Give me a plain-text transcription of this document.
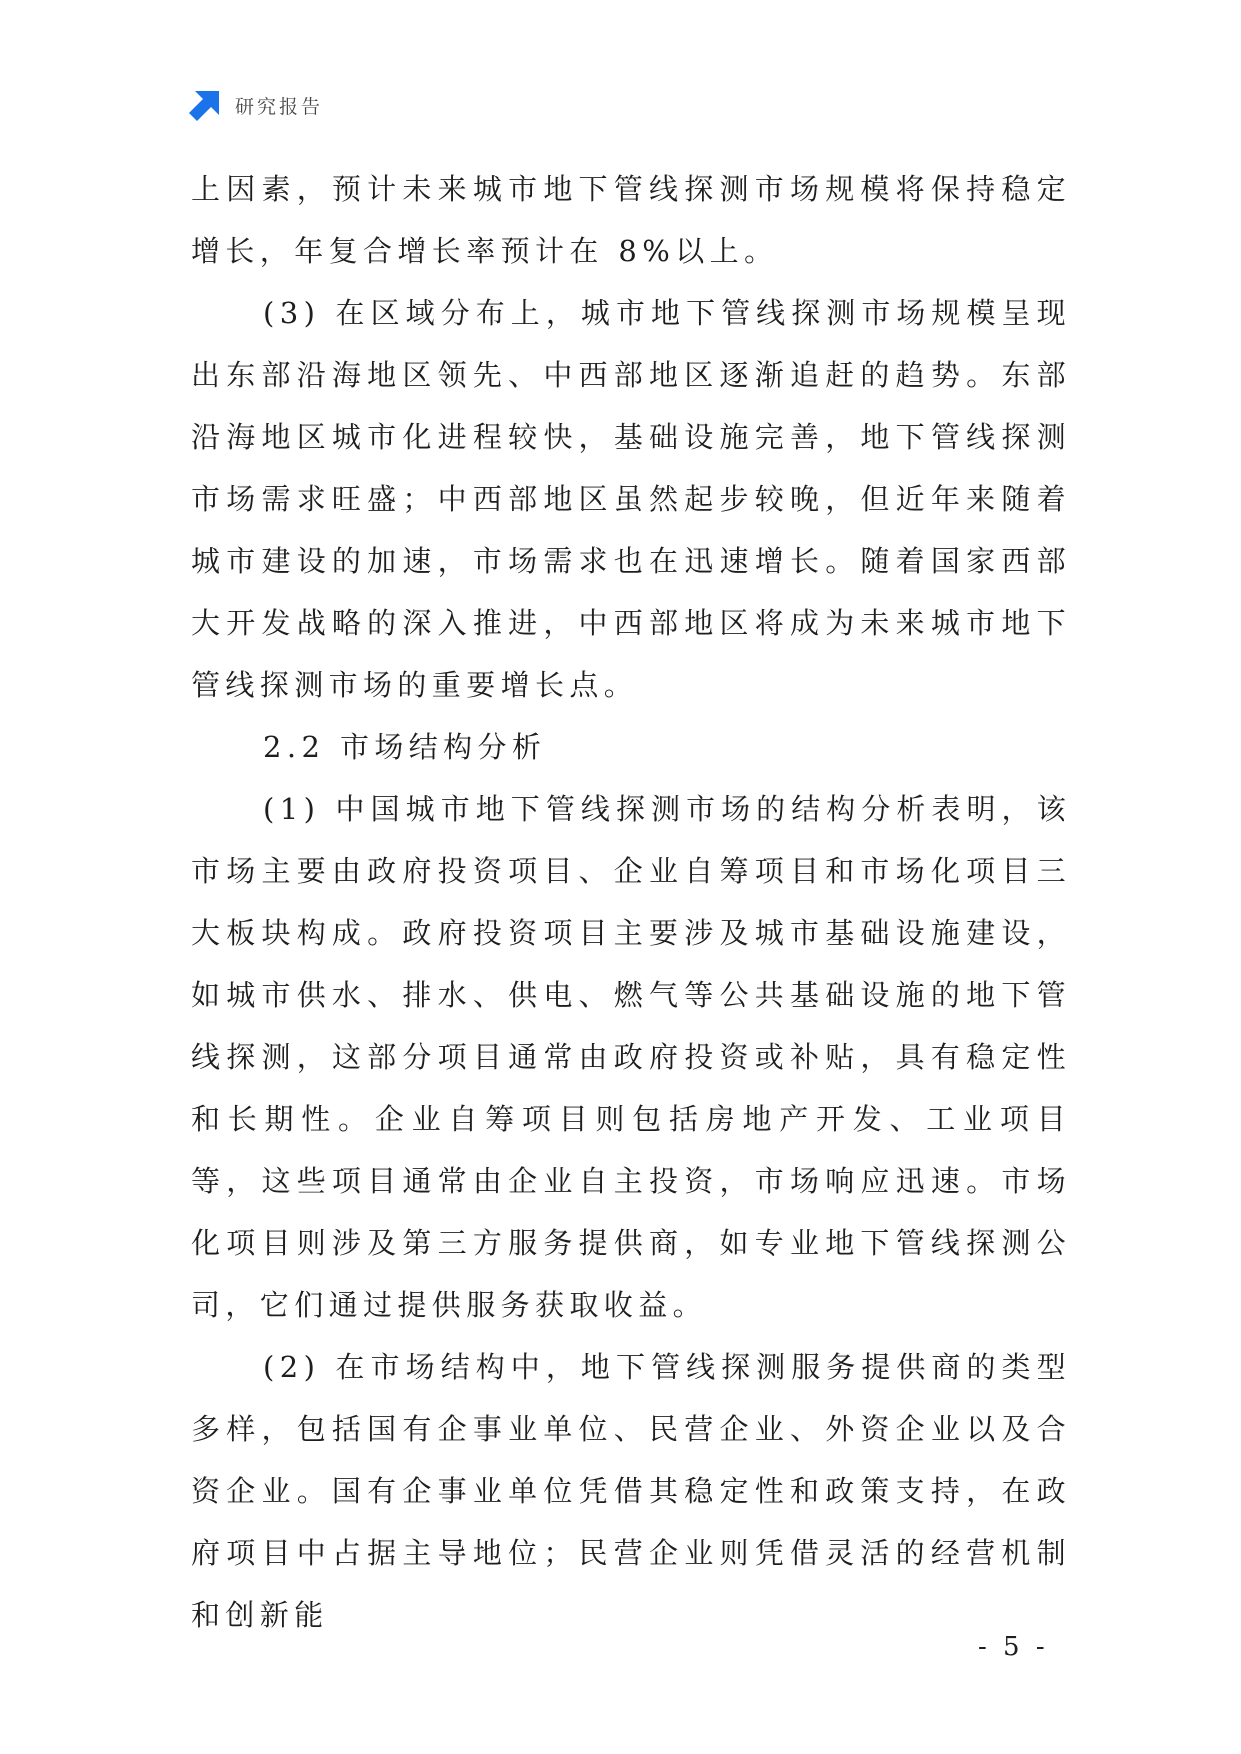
研究报告

上因素，预计未来城市地下管线探测市场规模将保持稳定增长，年复合增长率预计在 8%以上。

(3) 在区域分布上，城市地下管线探测市场规模呈现出东部沿海地区领先、中西部地区逐渐追赶的趋势。东部沿海地区城市化进程较快，基础设施完善，地下管线探测市场需求旺盛；中西部地区虽然起步较晚，但近年来随着城市建设的加速，市场需求也在迅速增长。随着国家西部大开发战略的深入推进，中西部地区将成为未来城市地下管线探测市场的重要增长点。

2.2 市场结构分析

(1) 中国城市地下管线探测市场的结构分析表明，该市场主要由政府投资项目、企业自筹项目和市场化项目三大板块构成。政府投资项目主要涉及城市基础设施建设，如城市供水、排水、供电、燃气等公共基础设施的地下管线探测，这部分项目通常由政府投资或补贴，具有稳定性和长期性。企业自筹项目则包括房地产开发、工业项目等，这些项目通常由企业自主投资，市场响应迅速。市场化项目则涉及第三方服务提供商，如专业地下管线探测公司，它们通过提供服务获取收益。

(2) 在市场结构中，地下管线探测服务提供商的类型多样，包括国有企事业单位、民营企业、外资企业以及合资企业。国有企事业单位凭借其稳定性和政策支持，在政府项目中占据主导地位；民营企业则凭借灵活的经营机制和创新能

- 5 -
